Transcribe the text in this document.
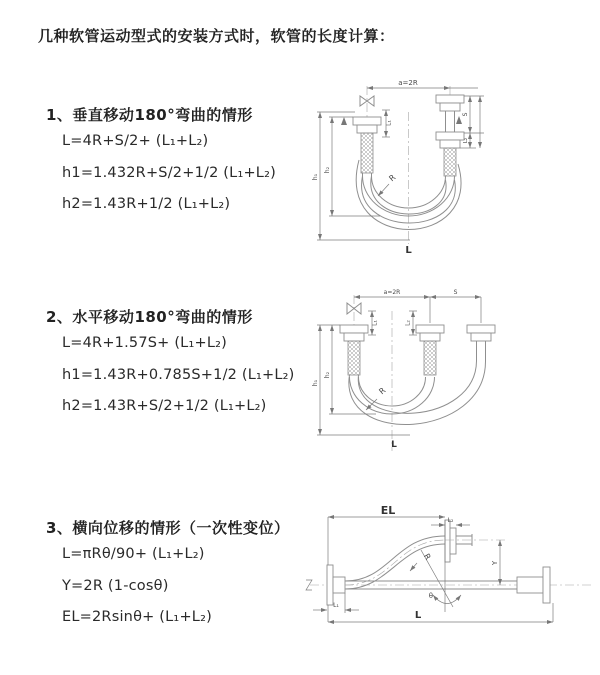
几种软管运动型式的安装方式时，软管的长度计算：
1、垂直移动180°弯曲的情形
L=4R+S/2+ (L₁+L₂)
h1=1.432R+S/2+1/2 (L₁+L₂)
h2=1.43R+1/2 (L₁+L₂)
a=2R
h₁
h₂
L₁
S
L₂
R
L
2、水平移动180°弯曲的情形
L=4R+1.57S+ (L₁+L₂)
h1=1.43R+0.785S+1/2 (L₁+L₂)
h2=1.43R+S/2+1/2 (L₁+L₂)
a=2R	S
h₁
h₂
L₁	L₂
R
L
3、横向位移的情形（一次性变位）
L=πRθ/90+ (L₁+L₂)
Y=2R (1-cosθ)
EL=2Rsinθ+ (L₁+L₂)
EL
L₂
Y
θ
R
L
L₁
